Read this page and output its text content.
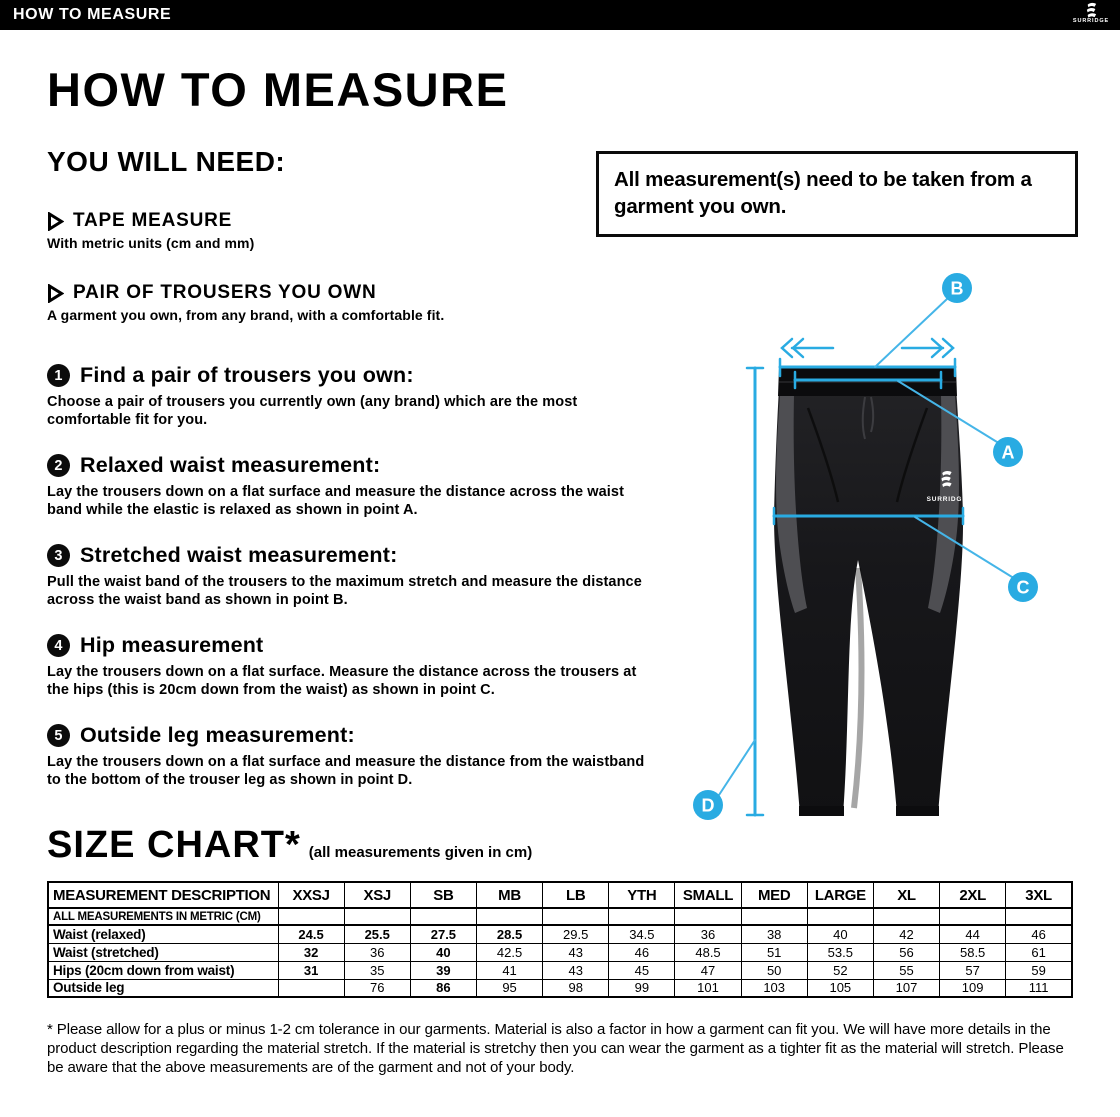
HOW TO MEASURE	SURRIDGE
HOW TO MEASURE
YOU WILL NEED:

All measurement(s) need to be taken from a garment you own.

TAPE MEASURE
With metric units (cm and mm)
PAIR OF TROUSERS YOU OWN
A garment you own, from any brand, with a comfortable fit.
1 Find a pair of trousers you own:
Choose a pair of trousers you currently own (any brand) which are the most comfortable fit for you.
2 Relaxed waist measurement:
Lay the trousers down on a flat surface and measure the distance across the waist band while the elastic is relaxed as shown in point A.
3 Stretched waist measurement:
Pull the waist band of the trousers to the maximum stretch and measure the distance across the waist band as shown in point B.
4 Hip measurement
Lay the trousers down on a flat surface. Measure the distance across the trousers at the hips (this is 20cm down from the waist) as shown in point C.
5 Outside leg measurement:
Lay the trousers down on a flat surface and measure the distance from the waistband to the bottom of the trouser leg as shown in point D.
SURRIDGE
B
A
C
D
SIZE CHART* (all measurements given in cm)
MEASUREMENT DESCRIPTION	XXSJ	XSJ	SB	MB	LB	YTH	SMALL	MED	LARGE	XL	2XL	3XL
ALL MEASUREMENTS IN METRIC (CM)												
Waist (relaxed)	24.5	25.5	27.5	28.5	29.5	34.5	36	38	40	42	44	46
Waist (stretched)	32	36	40	42.5	43	46	48.5	51	53.5	56	58.5	61
Hips (20cm down from waist)	31	35	39	41	43	45	47	50	52	55	57	59
Outside leg		76	86	95	98	99	101	103	105	107	109	111

* Please allow for a plus or minus 1-2 cm tolerance in our garments. Material is also a factor in how a garment can fit you. We will have more details in the product description regarding the material stretch. If the material is stretchy then you can wear the garment as a tighter fit as the material will stretch. Please be aware that the above measurements are of the garment and not of your body.
